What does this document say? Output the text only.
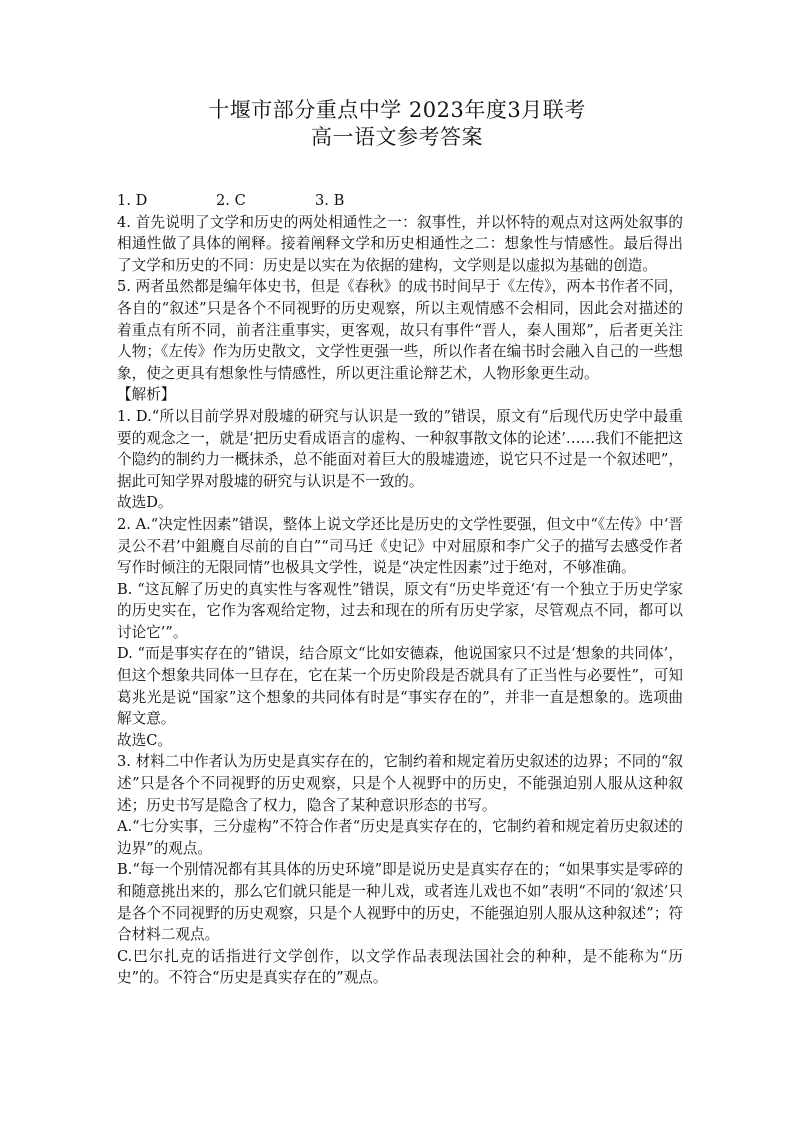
十堰市部分重点中学 2023年度3月联考
高一语文参考答案

1. D	2. C	3. B

4. 首先说明了文学和历史的两处相通性之一：叙事性，并以怀特的观点对这两处叙事的相通性做了具体的阐释。接着阐释文学和历史相通性之二：想象性与情感性。最后得出了文学和历史的不同：历史是以实在为依据的建构，文学则是以虚拟为基础的创造。

5. 两者虽然都是编年体史书，但是《春秋》的成书时间早于《左传》，两本书作者不同，各自的“叙述”只是各个不同视野的历史观察，所以主观情感不会相同，因此会对描述的着重点有所不同，前者注重事实，更客观，故只有事件“晋人，秦人围郑”，后者更关注人物；《左传》作为历史散文，文学性更强一些，所以作者在编书时会融入自己的一些想象，使之更具有想象性与情感性，所以更注重论辩艺术，人物形象更生动。

【解析】

1. D.“所以目前学界对殷墟的研究与认识是一致的”错误，原文有“后现代历史学中最重要的观念之一，就是‘把历史看成语言的虚构、一种叙事散文体的论述’……我们不能把这个隐约的制约力一概抹杀，总不能面对着巨大的殷墟遗迹，说它只不过是一个叙述吧”，据此可知学界对殷墟的研究与认识是不一致的。

故选D。

2. A.“决定性因素”错误，整体上说文学还比是历史的文学性要强，但文中“《左传》中‘晋灵公不君’中鉏麑自尽前的自白”“司马迁《史记》中对屈原和李广父子的描写去感受作者写作时倾注的无限同情”也极具文学性，说是“决定性因素”过于绝对，不够准确。

B. “这瓦解了历史的真实性与客观性”错误，原文有“历史毕竟还‘有一个独立于历史学家的历史实在，它作为客观给定物，过去和现在的所有历史学家，尽管观点不同，都可以讨论它’”。

D. “而是事实存在的”错误，结合原文“比如安德森，他说国家只不过是‘想象的共同体’，但这个想象共同体一旦存在，它在某一个历史阶段是否就具有了正当性与必要性”，可知葛兆光是说“国家”这个想象的共同体有时是“事实存在的”，并非一直是想象的。选项曲解文意。

故选C。

3. 材料二中作者认为历史是真实存在的，它制约着和规定着历史叙述的边界；不同的“叙述”只是各个不同视野的历史观察，只是个人视野中的历史，不能强迫别人服从这种叙述；历史书写是隐含了权力，隐含了某种意识形态的书写。

A.“七分实事，三分虚构”不符合作者“历史是真实存在的，它制约着和规定着历史叙述的边界”的观点。

B.“每一个别情况都有其具体的历史环境”即是说历史是真实存在的；“如果事实是零碎的和随意挑出来的，那么它们就只能是一种儿戏，或者连儿戏也不如”表明“不同的‘叙述’只是各个不同视野的历史观察，只是个人视野中的历史，不能强迫别人服从这种叙述”；符合材料二观点。

C.巴尔扎克的话指进行文学创作，以文学作品表现法国社会的种种，是不能称为“历史”的。不符合“历史是真实存在的”观点。
